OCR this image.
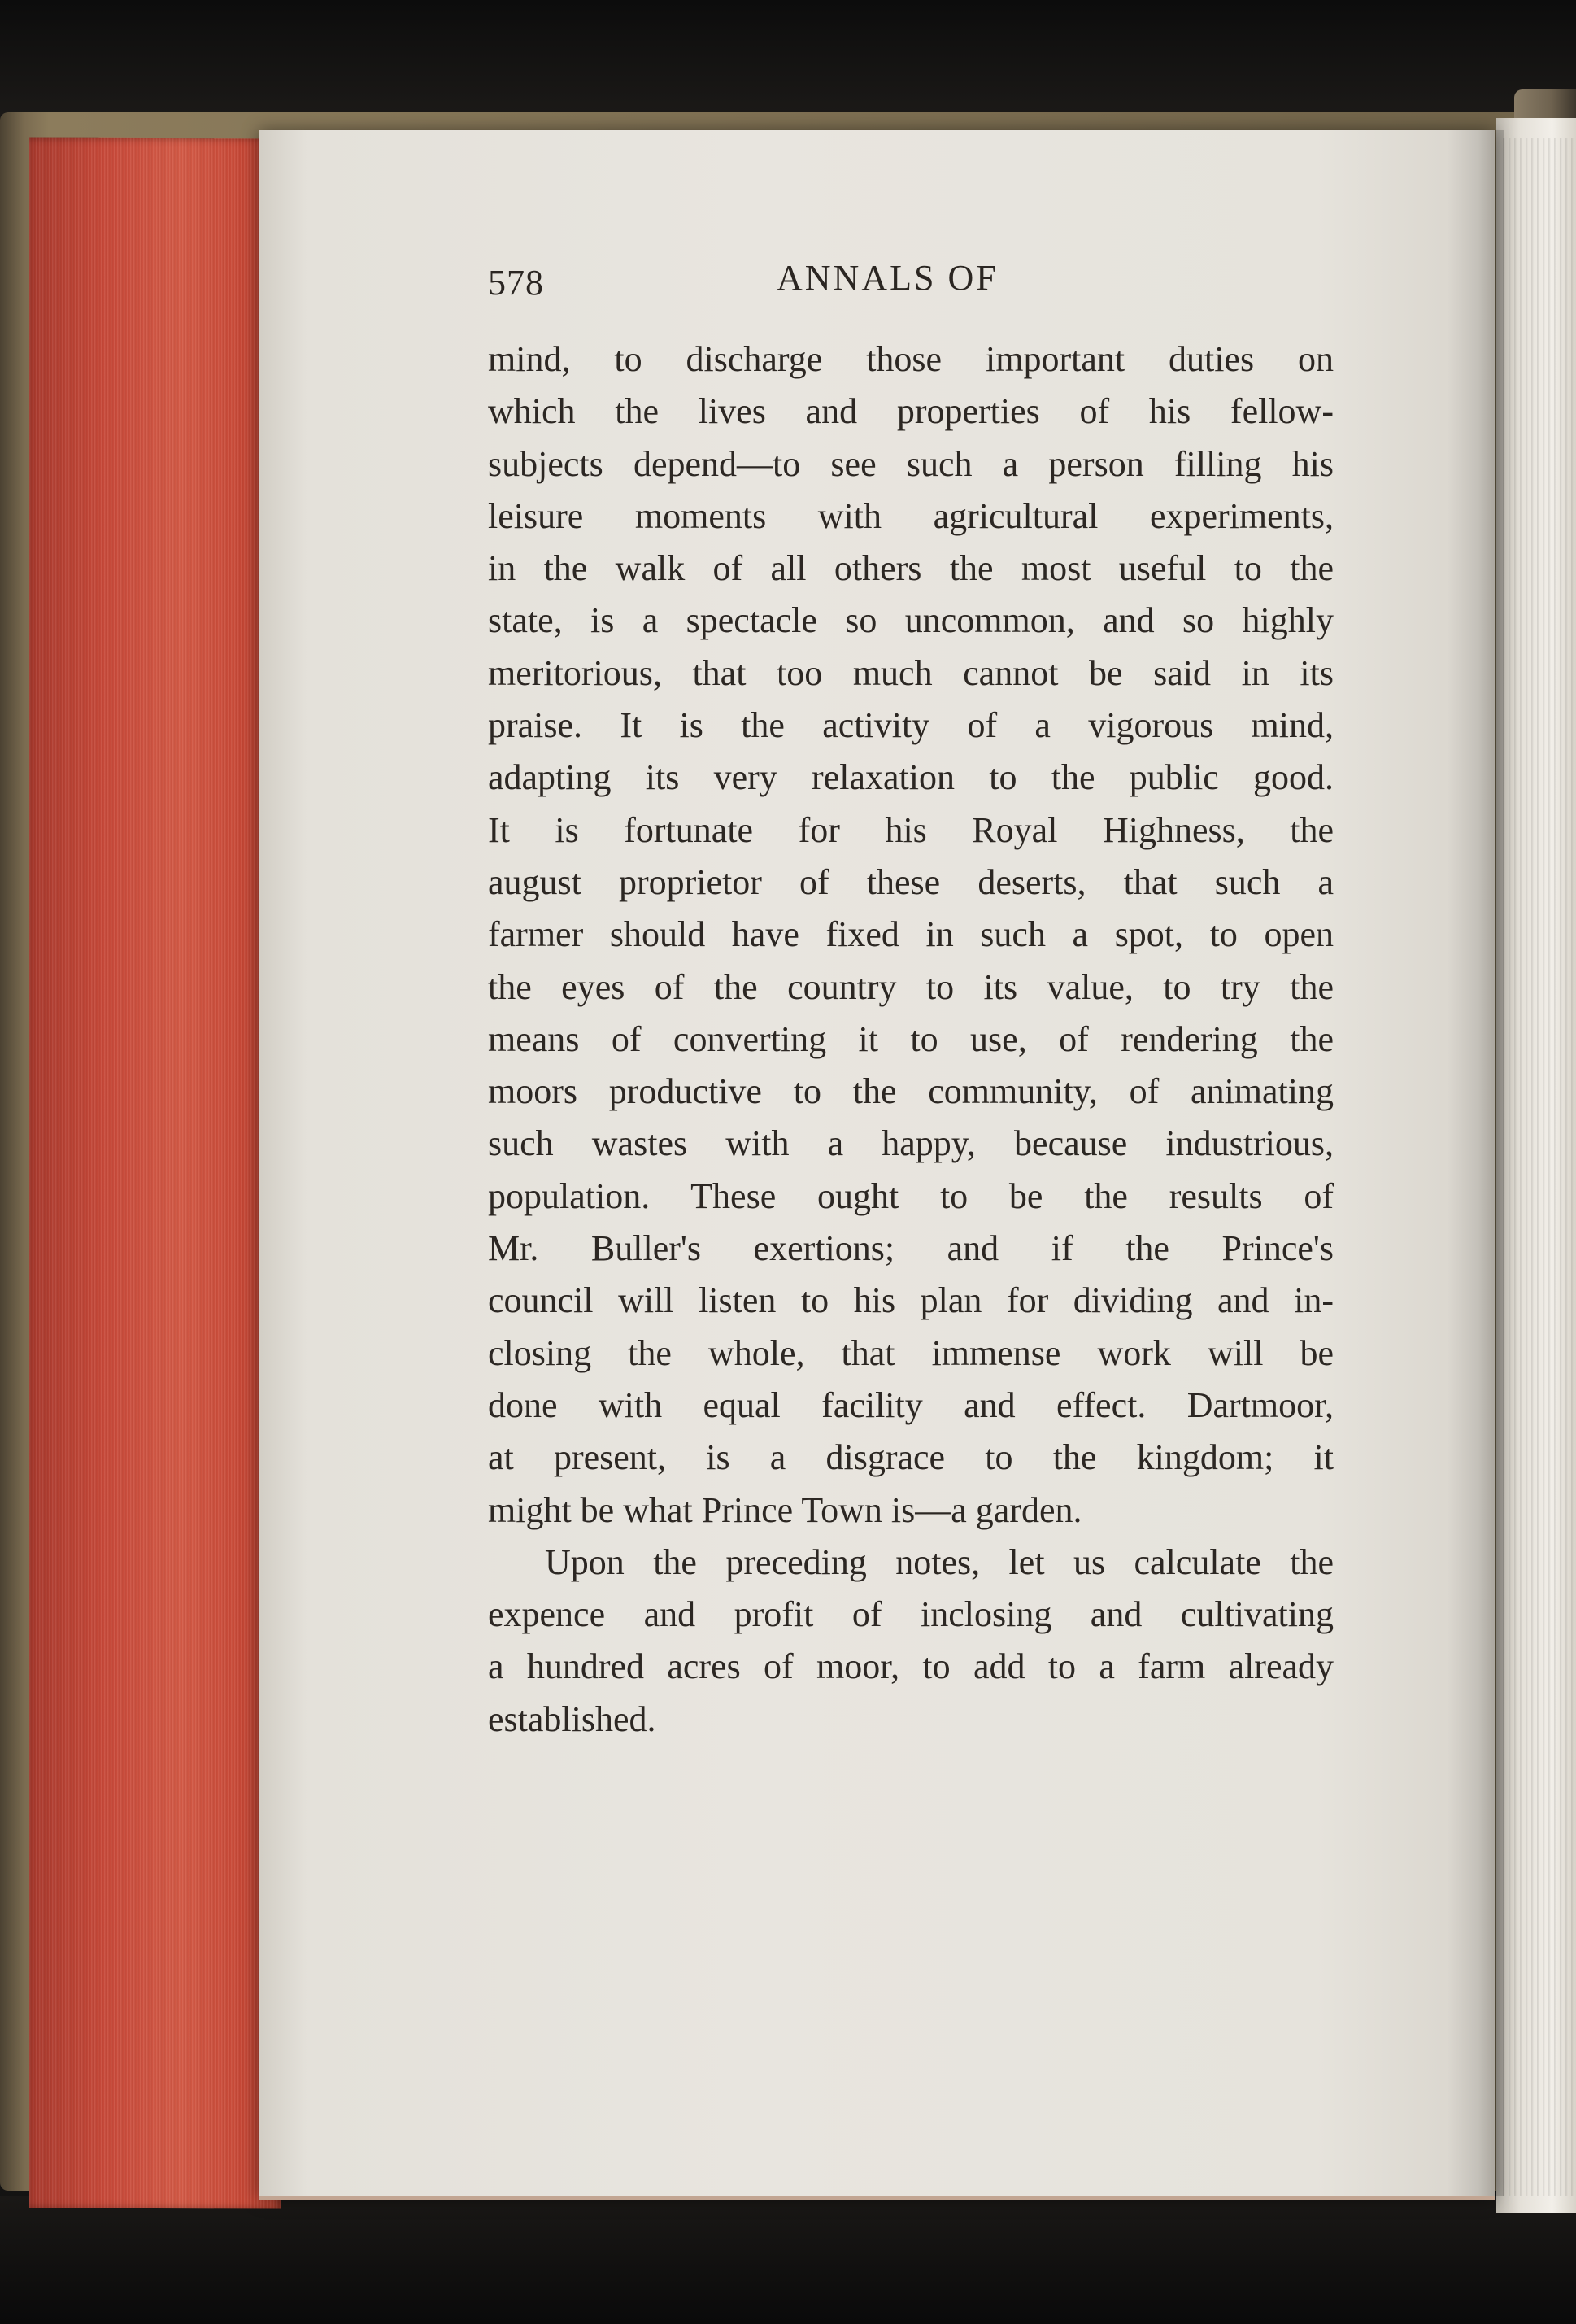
578	ANNALS OF
mind, to discharge those important duties on
which the lives and properties of his fellow-
subjects depend—to see such a person filling his
leisure moments with agricultural experiments,
in the walk of all others the most useful to the
state, is a spectacle so uncommon, and so highly
meritorious, that too much cannot be said in its
praise. It is the activity of a vigorous mind,
adapting its very relaxation to the public good.
It is fortunate for his Royal Highness, the
august proprietor of these deserts, that such a
farmer should have fixed in such a spot, to open
the eyes of the country to its value, to try the
means of converting it to use, of rendering the
moors productive to the community, of animating
such wastes with a happy, because industrious,
population. These ought to be the results of
Mr. Buller's exertions; and if the Prince's
council will listen to his plan for dividing and in-
closing the whole, that immense work will be
done with equal facility and effect. Dartmoor,
at present, is a disgrace to the kingdom; it
might be what Prince Town is—a garden.
Upon the preceding notes, let us calculate the
expence and profit of inclosing and cultivating
a hundred acres of moor, to add to a farm already
established.
